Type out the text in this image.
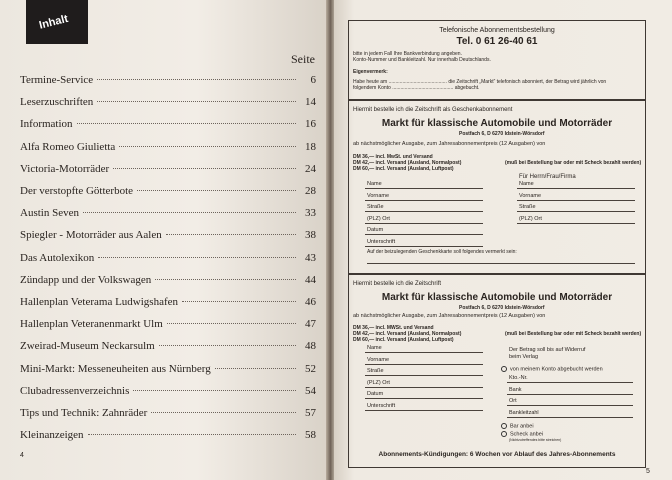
Inhalt
Seite
Termine-Service	6
Leserzuschriften	14
Information	16
Alfa Romeo Giulietta	18
Victoria-Motorräder	24
Der verstopfte Götterbote	28
Austin Seven	33
Spiegler - Motorräder aus Aalen	38
Das Autolexikon	43
Zündapp und der Volkswagen	44
Hallenplan Veterama Ludwigshafen	46
Hallenplan Veteranenmarkt Ulm	47
Zweirad-Museum Neckarsulm	48
Mini-Markt: Messeneuheiten aus Nürnberg	52
Clubadressenverzeichnis	54
Tips und Technik: Zahnräder	57
Kleinanzeigen	58
4
Telefonische Abonnementsbestellung
Tel. 0 61 26-40 61
bitte in jedem Fall Ihre Bankverbindung angeben.
Konto-Nummer und Bankleitzahl. Nur innerhalb Deutschlands.
Eigenvermerk:
Habe heute am .......................................... die Zeitschrift „Markt“ telefonisch abonniert, der Betrag wird jährlich von
folgendem Konto ............................................ abgebucht.
Hiermit bestelle ich die Zeitschrift als Geschenkabonnement
Markt für klassische Automobile und Motorräder
Postfach 6, D 6270 Idstein-Wörsdorf
ab nächstmöglicher Ausgabe, zum Jahresabonnementpreis (12 Ausgaben) von
DM 36,— incl. MwSt. und Versand
DM 42,— incl. Versand (Ausland, Normalpost)
DM 60,— incl. Versand (Ausland, Luftpost)
(muß bei Bestellung bar oder mit Scheck bezahlt werden)
Für Herrn/Frau/Firma
Name
Vorname
Straße
(PLZ) Ort
Datum
Unterschrift
Name
Vorname
Straße
(PLZ) Ort
Auf der beizulegenden Geschenkkarte soll folgendes vermerkt sein:
Hiermit bestelle ich die Zeitschrift
Markt für klassische Automobile und Motorräder
Postfach 6, D 6270 Idstein-Wörsdorf
ab nächstmöglicher Ausgabe, zum Jahresabonnementpreis (12 Ausgaben) von
DM 36,— incl. MWSt. und Versand
DM 42,— incl. Versand (Ausland, Normalpost)
DM 60,— incl. Versand (Ausland, Luftpost)
(muß bei Bestellung bar oder mit Scheck bezahlt werden)
Name
Vorname
Straße
(PLZ) Ort
Datum
Unterschrift
Der Betrag soll bis auf Widerruf
beim Verlag
von meinem Konto abgebucht werden
Kto.-Nr.
Bank
Ort
Bankleitzahl
Bar anbei
Scheck anbei
(Nichtzutreffendes bitte streichen)
Abonnements-Kündigungen: 6 Wochen vor Ablauf des Jahres-Abonnements
5
